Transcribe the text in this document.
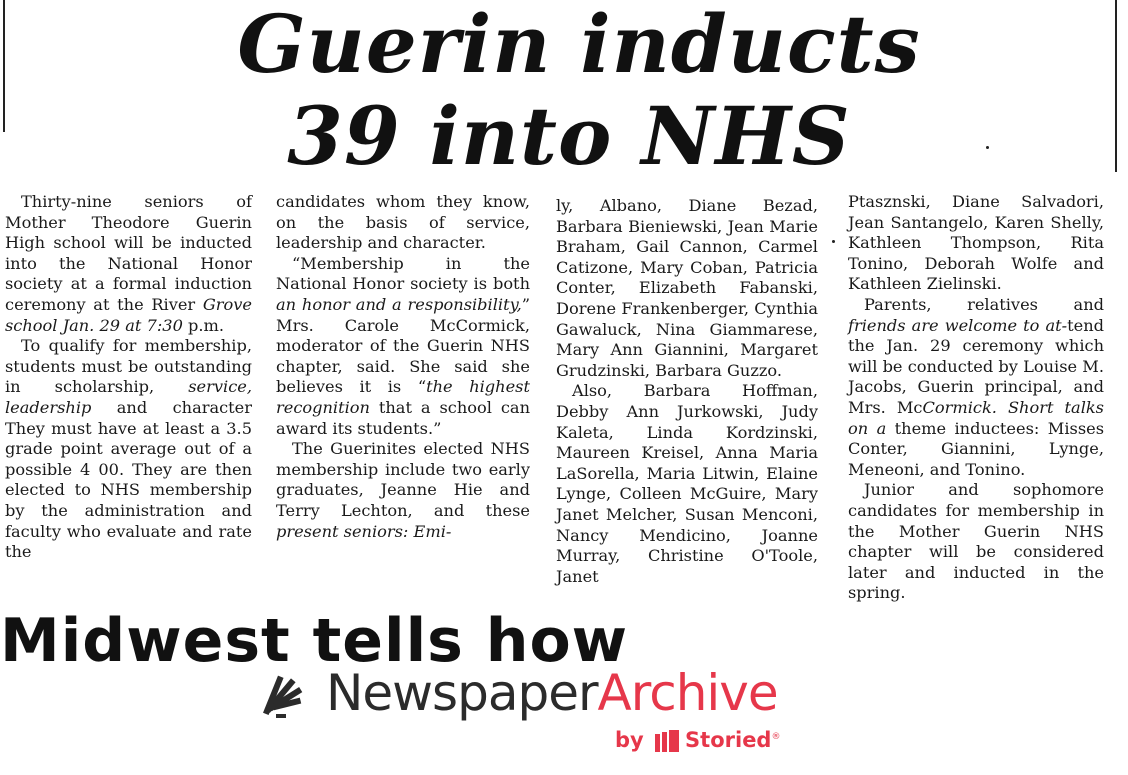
Guerin inducts
39 into NHS

Thirty-nine seniors of Mother Theodore Guerin High school will be inducted into the National Honor society at a formal induction ceremony at the River Grove school Jan. 29 at 7:30 p.m.

To qualify for membership, students must be outstanding in scholarship, service, leadership and character They must have at least a 3.5 grade point average out of a possible 4 00. They are then elected to NHS membership by the administration and faculty who evaluate and rate the

candidates whom they know, on the basis of service, leadership and character.

“Membership in the National Honor society is both an honor and a responsibility,” Mrs. Carole McCormick, moderator of the Guerin NHS chapter, said. She said she believes it is “the highest recognition that a school can award its students.”

The Guerinites elected NHS membership include two early graduates, Jeanne Hie and Terry Lechton, and these present seniors: Emi-

ly, Albano, Diane Bezad, Barbara Bieniewski, Jean Marie Braham, Gail Cannon, Carmel Catizone, Mary Coban, Patricia Conter, Elizabeth Fabanski, Dorene Frankenberger, Cynthia Gawaluck, Nina Giammarese, Mary Ann Giannini, Margaret Grudzinski, Barbara Guzzo.

Also, Barbara Hoffman, Debby Ann Jurkowski, Judy Kaleta, Linda Kordzinski, Maureen Kreisel, Anna Maria LaSorella, Maria Litwin, Elaine Lynge, Colleen McGuire, Mary Janet Melcher, Susan Menconi, Nancy Mendicino, Joanne Murray, Christine O'Toole, Janet

Ptasznski, Diane Salvadori, Jean Santangelo, Karen Shelly, Kathleen Thompson, Rita Tonino, Deborah Wolfe and Kathleen Zielinski.

Parents, relatives and friends are welcome to at-tend the Jan. 29 ceremony which will be conducted by Louise M. Jacobs, Guerin principal, and Mrs. McCormick. Short talks on a theme inductees: Misses Conter, Giannini, Lynge, Meneoni, and Tonino.

Junior and sophomore candidates for membership in the Mother Guerin NHS chapter will be considered later and inducted in the spring.

Midwest tells how
NewspaperArchive
by Storied®
